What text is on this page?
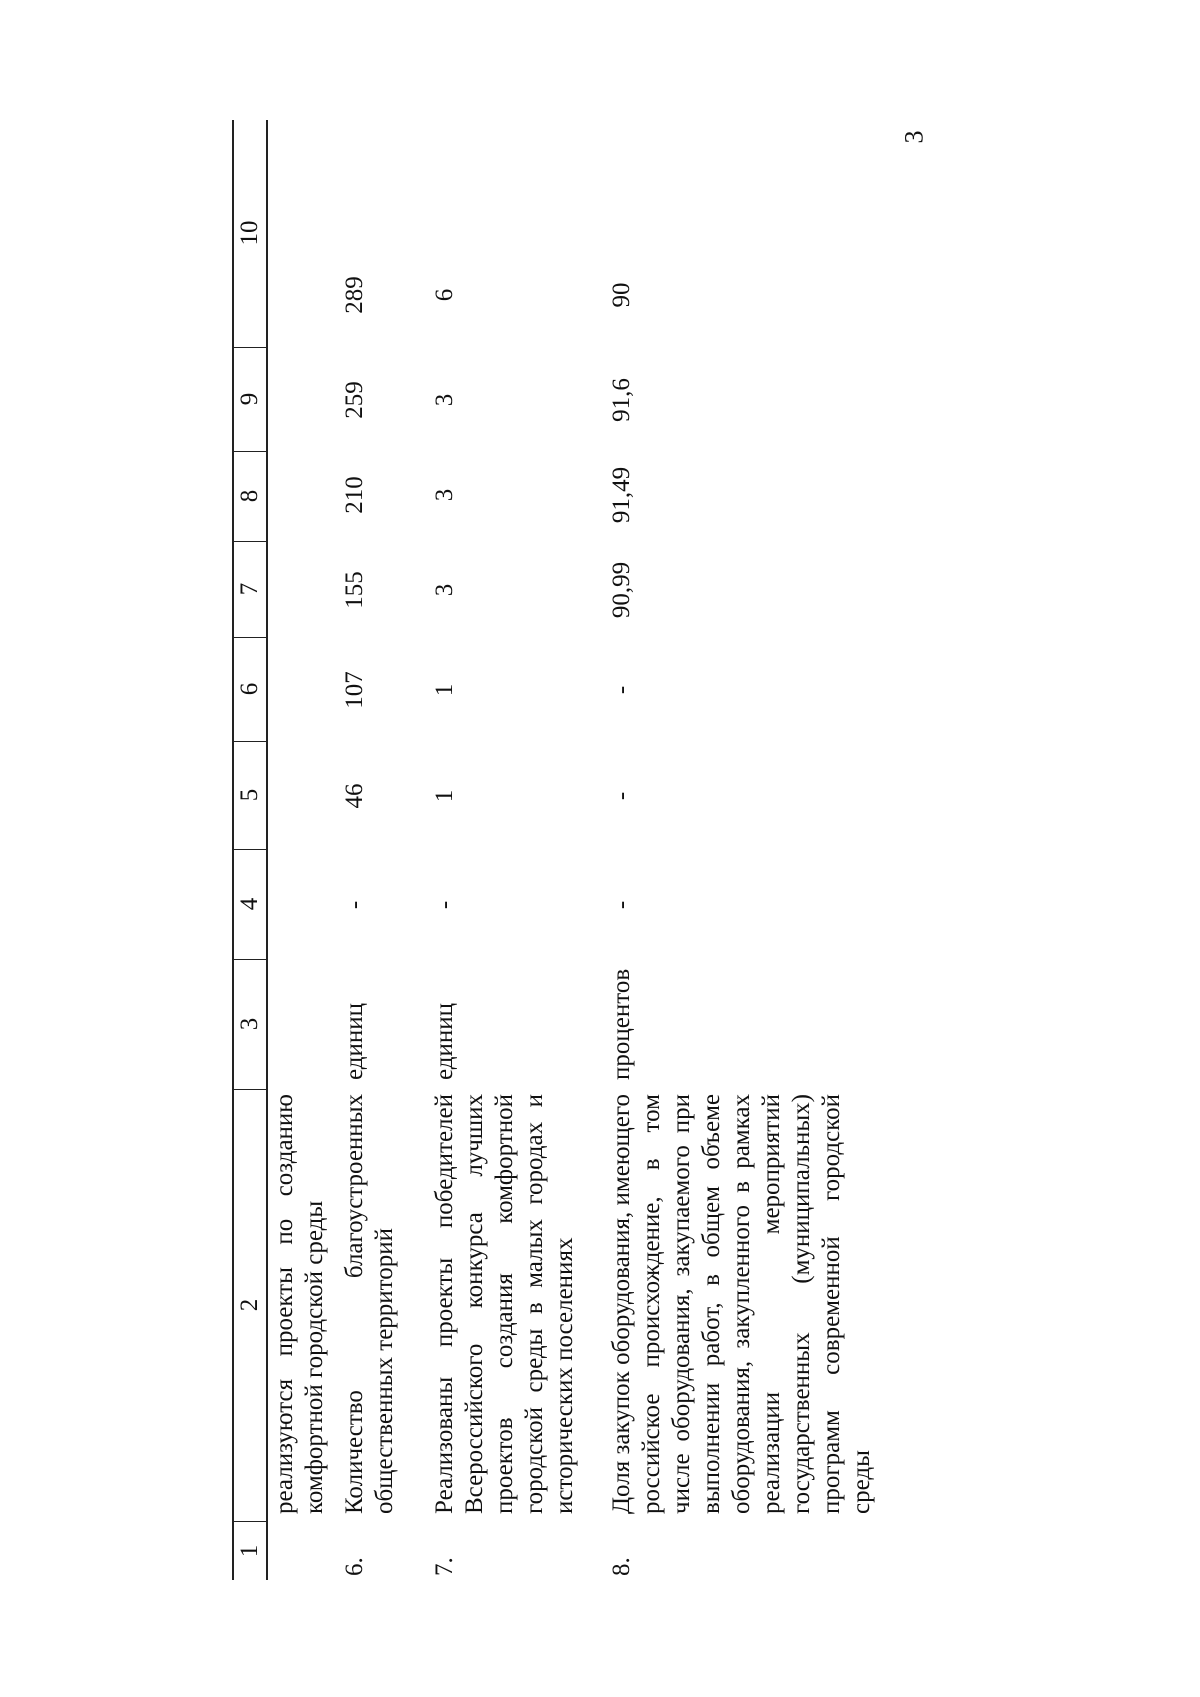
3
1
2
3
4
5
6
7
8
9
10
реализуются проекты по созданию комфортной городской среды
6.
Количество благоустроенных общественных территорий
единиц
-
46
107
155
210
259
289
7.
Реализованы проекты победителей Всероссийского конкурса лучших проектов создания комфортной городской среды в малых городах и исторических поселениях
единиц
-
1
1
3
3
3
6
8.
Доля закупок оборудования, имеющего российское происхождение, в том числе оборудования, закупаемого при выполнении работ, в общем объеме оборудования, закупленного в рамках реализации мероприятий государственных (муниципальных) программ современной городской среды
процентов
-
-
-
90,99
91,49
91,6
90
